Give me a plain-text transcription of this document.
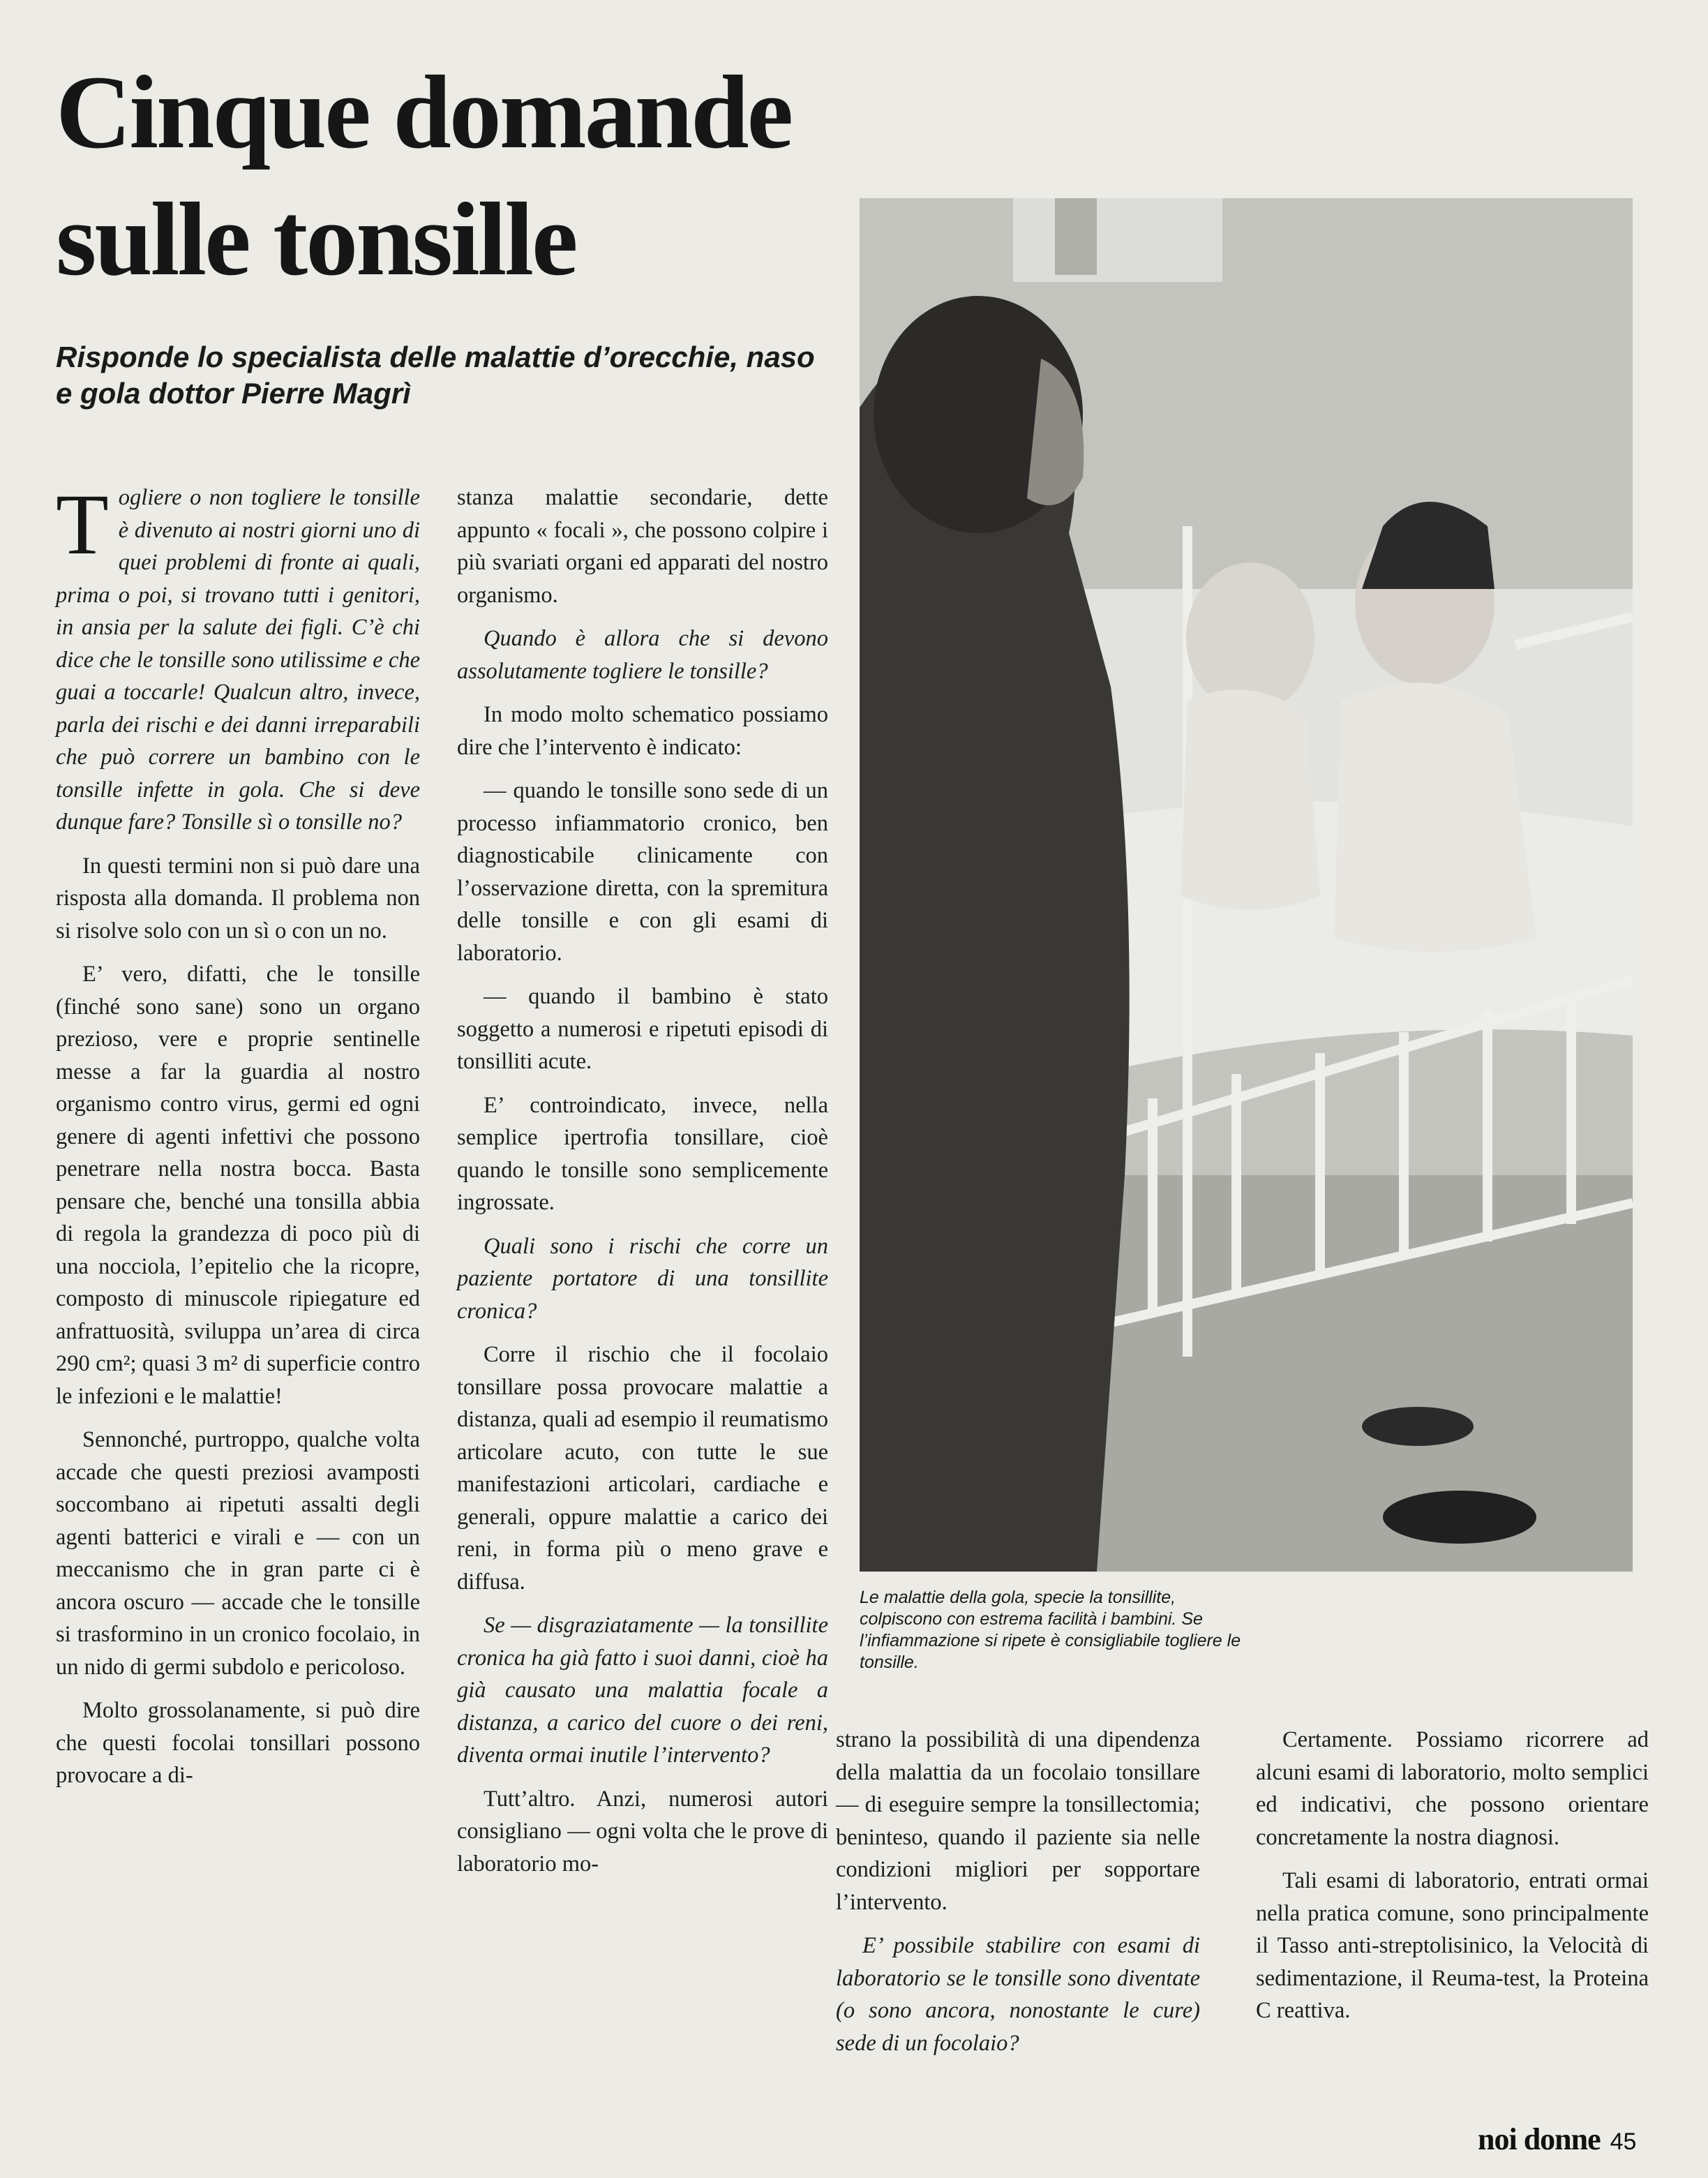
Cinque domande sulle tonsille
Risponde lo specialista delle malattie d’orecchie, naso e gola dottor Pierre Magrì

Togliere o non togliere le tonsille è divenuto ai nostri giorni uno di quei problemi di fronte ai quali, prima o poi, si trovano tutti i genitori, in ansia per la salute dei figli. C’è chi dice che le tonsille sono utilissime e che guai a toccarle! Qualcun altro, invece, parla dei rischi e dei danni irreparabili che può correre un bambino con le tonsille infette in gola. Che si deve dunque fare? Tonsille sì o tonsille no?

In questi termini non si può dare una risposta alla domanda. Il problema non si risolve solo con un sì o con un no.

E’ vero, difatti, che le tonsille (finché sono sane) sono un organo prezioso, vere e proprie sentinelle messe a far la guardia al nostro organismo contro virus, germi ed ogni genere di agenti infettivi che possono penetrare nella nostra bocca. Basta pensare che, benché una tonsilla abbia di regola la grandezza di poco più di una nocciola, l’epitelio che la ricopre, composto di minuscole ripiegature ed anfrattuosità, sviluppa un’area di circa 290 cm²; quasi 3 m² di superficie contro le infezioni e le malattie!

Sennonché, purtroppo, qualche volta accade che questi preziosi avamposti soccombano ai ripetuti assalti degli agenti batterici e virali e — con un meccanismo che in gran parte ci è ancora oscuro — accade che le tonsille si trasformino in un cronico focolaio, in un nido di germi subdolo e pericoloso.

Molto grossolanamente, si può dire che questi focolai tonsillari possono provocare a di-

stanza malattie secondarie, dette appunto « focali », che possono colpire i più svariati organi ed apparati del nostro organismo.

Quando è allora che si devono assolutamente togliere le tonsille?

In modo molto schematico possiamo dire che l’intervento è indicato:

— quando le tonsille sono sede di un processo infiammatorio cronico, ben diagnosticabile clinicamente con l’osservazione diretta, con la spremitura delle tonsille e con gli esami di laboratorio.

— quando il bambino è stato soggetto a numerosi e ripetuti episodi di tonsilliti acute.

E’ controindicato, invece, nella semplice ipertrofia tonsillare, cioè quando le tonsille sono semplicemente ingrossate.

Quali sono i rischi che corre un paziente portatore di una tonsillite cronica?

Corre il rischio che il focolaio tonsillare possa provocare malattie a distanza, quali ad esempio il reumatismo articolare acuto, con tutte le sue manifestazioni articolari, cardiache e generali, oppure malattie a carico dei reni, in forma più o meno grave e diffusa.

Se — disgraziatamente — la tonsillite cronica ha già fatto i suoi danni, cioè ha già causato una malattia focale a distanza, a carico del cuore o dei reni, diventa ormai inutile l’intervento?

Tutt’altro. Anzi, numerosi autori consigliano — ogni volta che le prove di laboratorio mo-

Le malattie della gola, specie la tonsillite, colpiscono con estrema facilità i bambini. Se l’infiammazione si ripete è consigliabile togliere le tonsille.

strano la possibilità di una dipendenza della malattia da un focolaio tonsillare — di eseguire sempre la tonsillectomia; beninteso, quando il paziente sia nelle condizioni migliori per sopportare l’intervento.

E’ possibile stabilire con esami di laboratorio se le tonsille sono diventate (o sono ancora, nonostante le cure) sede di un focolaio?

Certamente. Possiamo ricorrere ad alcuni esami di laboratorio, molto semplici ed indicativi, che possono orientare concretamente la nostra diagnosi.

Tali esami di laboratorio, entrati ormai nella pratica comune, sono principalmente il Tasso anti-streptolisinico, la Velocità di sedimentazione, il Reuma-test, la Proteina C reattiva.

noi donne 45
